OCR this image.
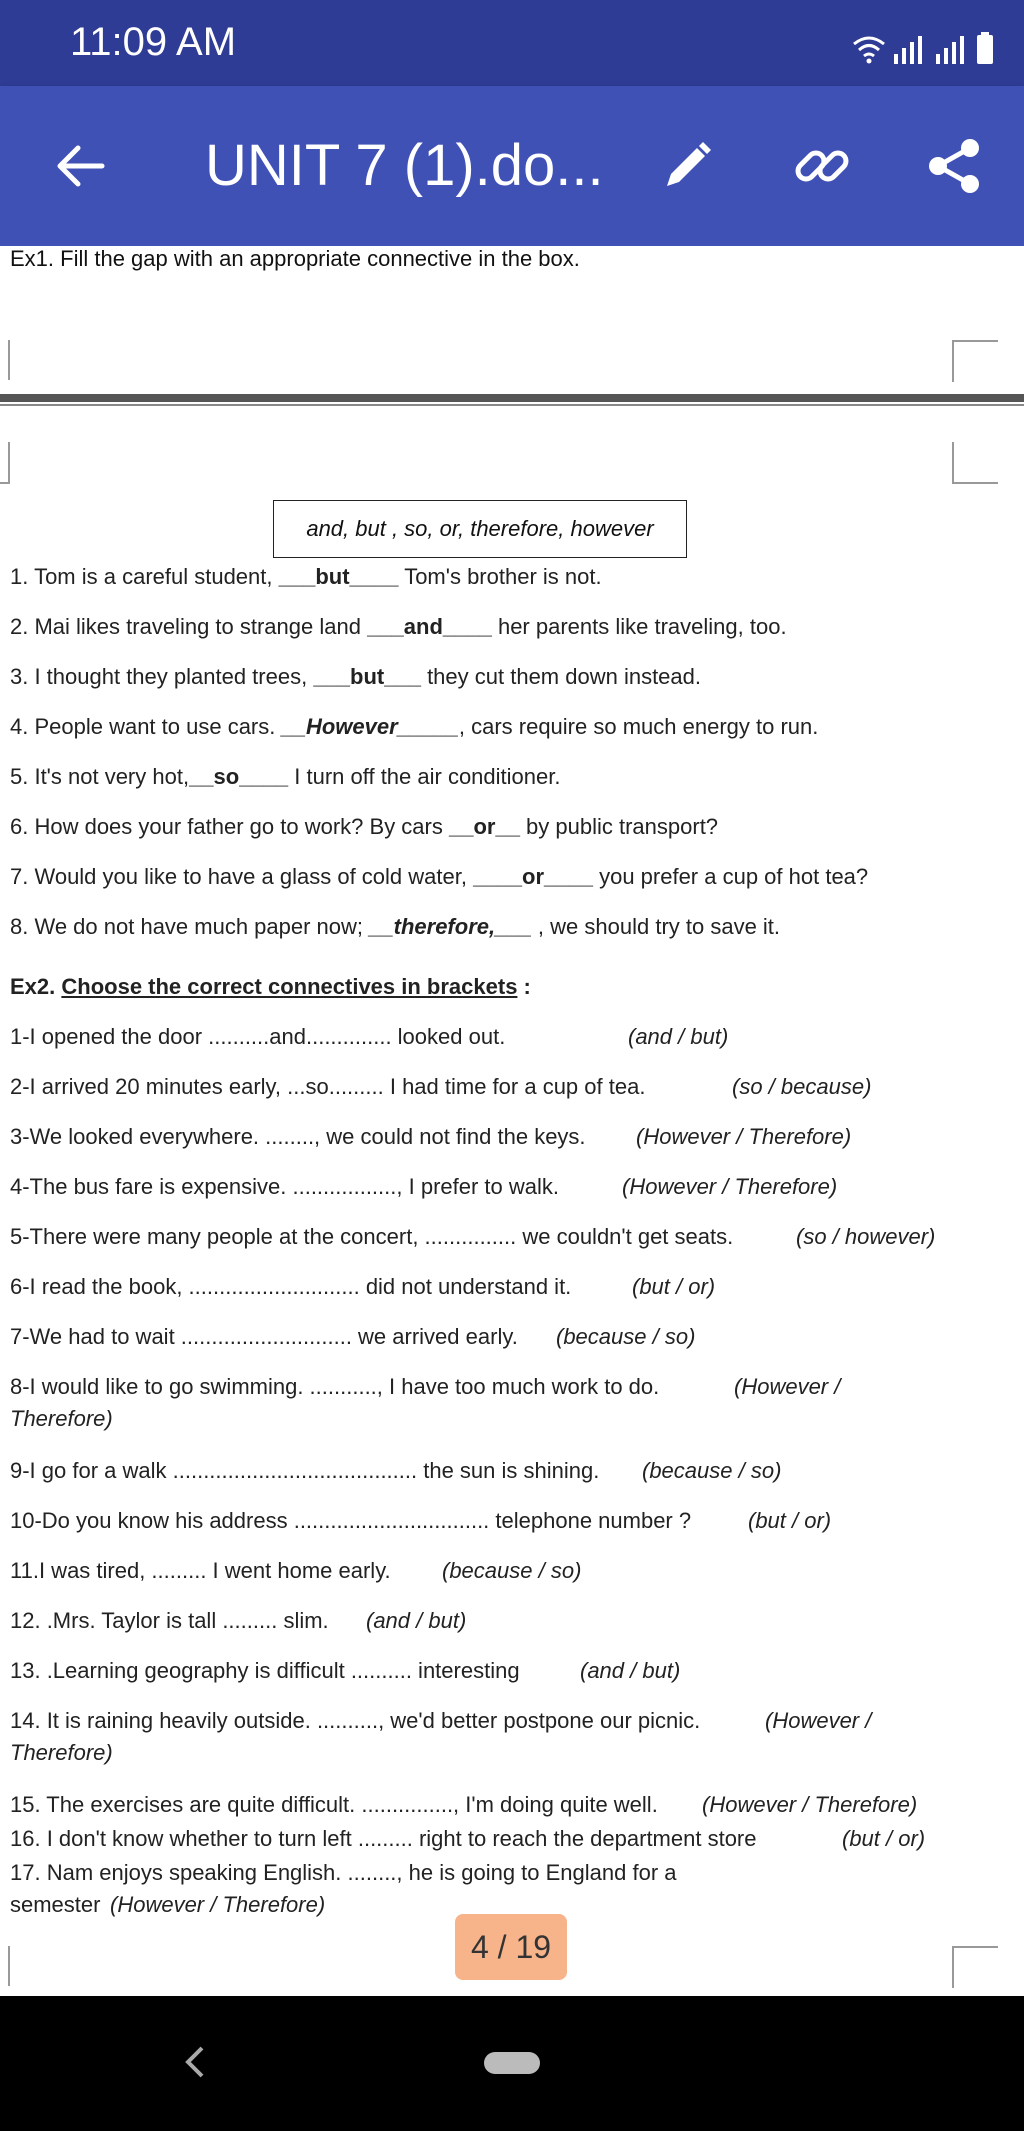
11:09 AM
UNIT 7 (1).do...
Ex1. Fill the gap with an appropriate connective in the box.
and, but , so, or, therefore, however
1. Tom is a careful student, ___but____ Tom's brother is not.
2. Mai likes traveling to strange land ___and____ her parents like traveling, too.
3. I thought they planted trees, ___but___ they cut them down instead.
4. People want to use cars. __However_____, cars require so much energy to run.
5. It's not very hot,__so____ I turn off the air conditioner.
6. How does your father go to work? By cars __or__ by public transport?
7. Would you like to have a glass of cold water, ____or____ you prefer a cup of hot tea?
8. We do not have much paper now; __therefore,___ , we should try to save it.
Ex2. Choose the correct connectives in brackets :
1-I opened the door ..........and.............. looked out.	(and / but)
2-I arrived 20 minutes early, ...so......... I had time for a cup of tea.	(so / because)
3-We looked everywhere. ........, we could not find the keys. (However / Therefore)
4-The bus fare is expensive. ................., I prefer to walk.	(However / Therefore)
5-There were many people at the concert, ............... we couldn't get seats.	(so / however)
6-I read the book, ............................ did not understand it.	(but / or)
7-We had to wait ............................ we arrived early. (because / so)
8-I would like to go swimming. ..........., I have too much work to do.	(However /
Therefore)
9-I go for a walk ........................................ the sun is shining. (because / so)
10-Do you know his address ................................ telephone number ?	(but / or)
11.I was tired, ......... I went home early. (because / so)
12. .Mrs. Taylor is tall ......... slim. (and / but)
13. .Learning geography is difficult .......... interesting	(and / but)
14. It is raining heavily outside. .........., we'd better postpone our picnic.	(However /
Therefore)
15. The exercises are quite difficult. ..............., I'm doing quite well. (However / Therefore)
16. I don't know whether to turn left ......... right to reach the department store	(but / or)
17. Nam enjoys speaking English. ........, he is going to England for a
semester (However / Therefore)
4 / 19
